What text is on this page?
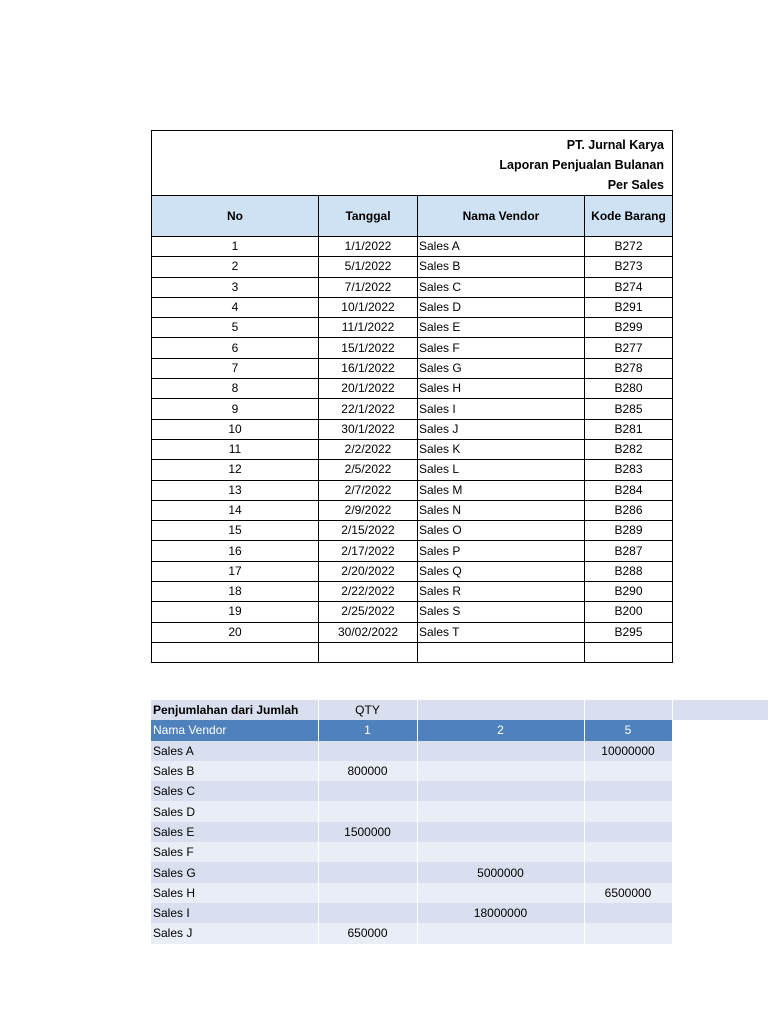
PT. Jurnal Karya
Laporan Penjualan Bulanan
Per Sales			

No	Tanggal	Nama Vendor	Kode Barang
1	1/1/2022	Sales A	B272
2	5/1/2022	Sales B	B273
3	7/1/2022	Sales C	B274
4	10/1/2022	Sales D	B291
5	11/1/2022	Sales E	B299
6	15/1/2022	Sales F	B277
7	16/1/2022	Sales G	B278
8	20/1/2022	Sales H	B280
9	22/1/2022	Sales I	B285
10	30/1/2022	Sales J	B281
11	2/2/2022	Sales K	B282
12	2/5/2022	Sales L	B283
13	2/7/2022	Sales M	B284
14	2/9/2022	Sales N	B286
15	2/15/2022	Sales O	B289
16	2/17/2022	Sales P	B287
17	2/20/2022	Sales Q	B288
18	2/22/2022	Sales R	B290
19	2/25/2022	Sales S	B200
20	30/02/2022	Sales T	B295

Penjumlahan dari Jumlah	QTY		
Nama Vendor	1	2	5
Sales A			10000000
Sales B	800000		
Sales C			
Sales D			
Sales E	1500000		
Sales F			
Sales G		5000000	
Sales H			6500000
Sales I		18000000	
Sales J	650000		
